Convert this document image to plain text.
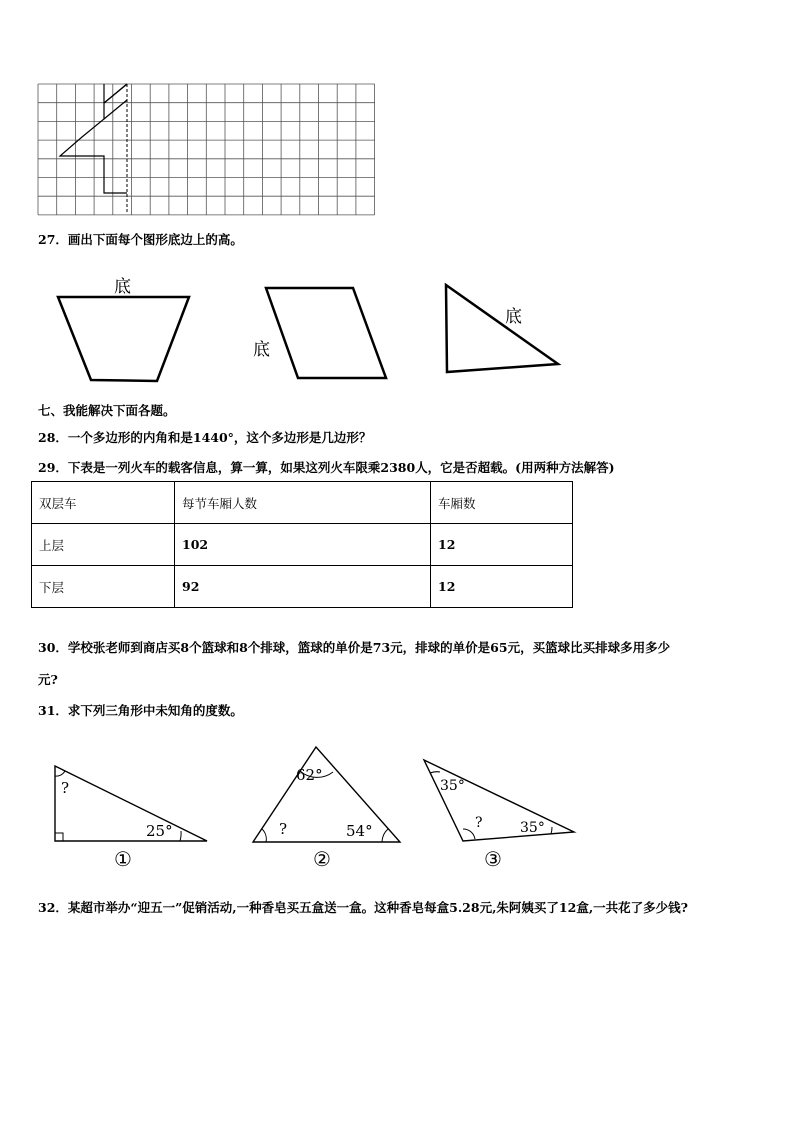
27．画出下面每个图形底边上的高。
底
底
底
七、我能解决下面各题。
28．一个多边形的内角和是1440°，这个多边形是几边形？
29．下表是一列火车的载客信息，算一算，如果这列火车限乘2380人，它是否超载。(用两种方法解答)
双层车	每节车厢人数	车厢数
上层	102	12
下层	92	12
30．学校张老师到商店买8个篮球和8个排球，篮球的单价是73元，排球的单价是65元，买篮球比买排球多用多少
元?
31．求下列三角形中未知角的度数。
?
25°
①
62°
?	54°
②
35°
?	35°
③
32．某超市举办“迎五一”促销活动,一种香皂买五盒送一盒。这种香皂每盒5.28元,朱阿姨买了12盒,一共花了多少钱?
